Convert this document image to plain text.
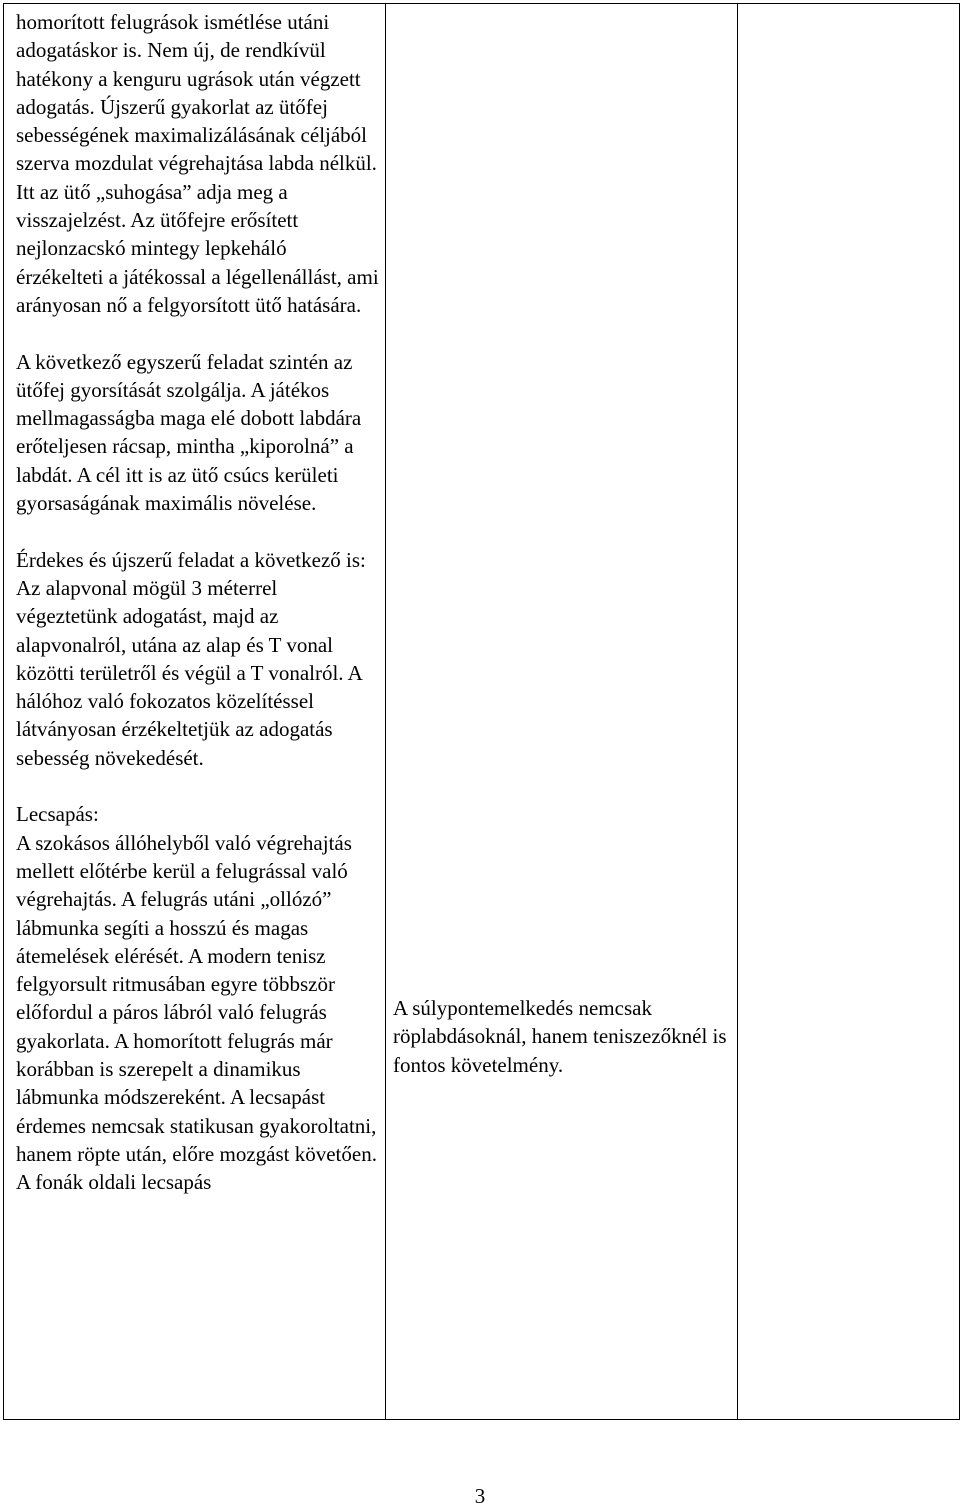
homorított felugrások ismétlése utáni adogatáskor is. Nem új, de rendkívül hatékony a kenguru ugrások után végzett adogatás. Újszerű gyakorlat az ütőfej sebességének maximalizálásának céljából szerva mozdulat végrehajtása labda nélkül. Itt az ütő „suhogása” adja meg a visszajelzést. Az ütőfejre erősített nejlonzacskó mintegy lepkeháló érzékelteti a játékossal a légellenállást, ami arányosan nő a felgyorsított ütő hatására.

A következő egyszerű feladat szintén az ütőfej gyorsítását szolgálja. A játékos mellmagasságba maga elé dobott labdára erőteljesen rácsap, mintha „kiporolná” a labdát. A cél itt is az ütő csúcs kerületi gyorsaságának maximális növelése.

Érdekes és újszerű feladat a következő is: Az alapvonal mögül 3 méterrel végeztetünk adogatást, majd az alapvonalról, utána az alap és T vonal közötti területről és végül a T vonalról. A hálóhoz való fokozatos közelítéssel látványosan érzékeltetjük az adogatás sebesség növekedését.

Lecsapás:
A szokásos állóhelyből való végrehajtás mellett előtérbe kerül a felugrással való végrehajtás. A felugrás utáni „ollózó” lábmunka segíti a hosszú és magas átemelések elérését. A modern tenisz felgyorsult ritmusában egyre többször előfordul a páros lábról való felugrás gyakorlata. A homorított felugrás már korábban is szerepelt a dinamikus lábmunka módszereként. A lecsapást érdemes nemcsak statikusan gyakoroltatni, hanem röpte után, előre mozgást követően. A fonák oldali lecsapás

A súlypontemelkedés nemcsak röplabdásoknál, hanem teniszezőknél is fontos követelmény.

3
